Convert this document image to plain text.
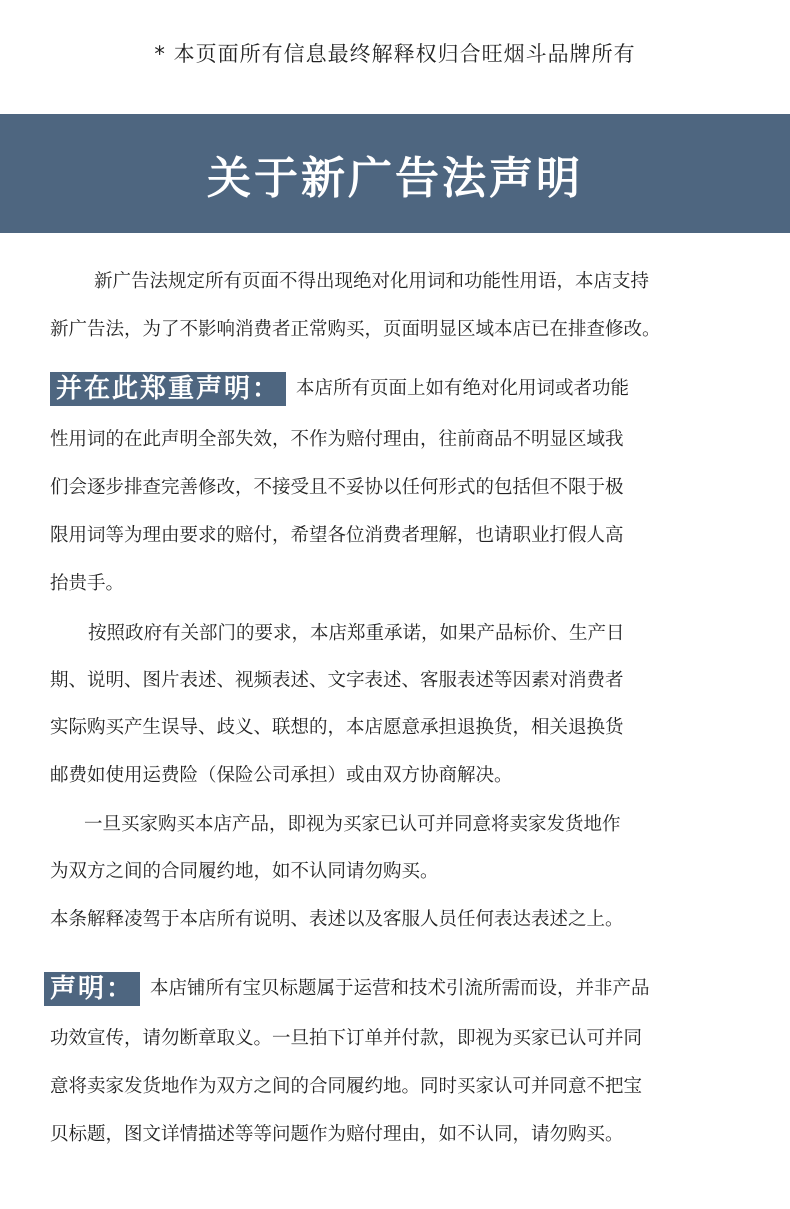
* 本页面所有信息最终解释权归合旺烟斗品牌所有
关于新广告法声明
新广告法规定所有页面不得出现绝对化用词和功能性用语，本店支持
新广告法，为了不影响消费者正常购买，页面明显区域本店已在排查修改。
并在此郑重声明： 本店所有页面上如有绝对化用词或者功能
性用词的在此声明全部失效，不作为赔付理由，往前商品不明显区域我
们会逐步排查完善修改，不接受且不妥协以任何形式的包括但不限于极
限用词等为理由要求的赔付，希望各位消费者理解，也请职业打假人高
抬贵手。
按照政府有关部门的要求，本店郑重承诺，如果产品标价、生产日
期、说明、图片表述、视频表述、文字表述、客服表述等因素对消费者
实际购买产生误导、歧义、联想的，本店愿意承担退换货，相关退换货
邮费如使用运费险（保险公司承担）或由双方协商解决。
一旦买家购买本店产品，即视为买家已认可并同意将卖家发货地作
为双方之间的合同履约地，如不认同请勿购买。
本条解释凌驾于本店所有说明、表述以及客服人员任何表达表述之上。
声明： 本店铺所有宝贝标题属于运营和技术引流所需而设，并非产品
功效宣传，请勿断章取义。一旦拍下订单并付款，即视为买家已认可并同
意将卖家发货地作为双方之间的合同履约地。同时买家认可并同意不把宝
贝标题，图文详情描述等等问题作为赔付理由，如不认同，请勿购买。
